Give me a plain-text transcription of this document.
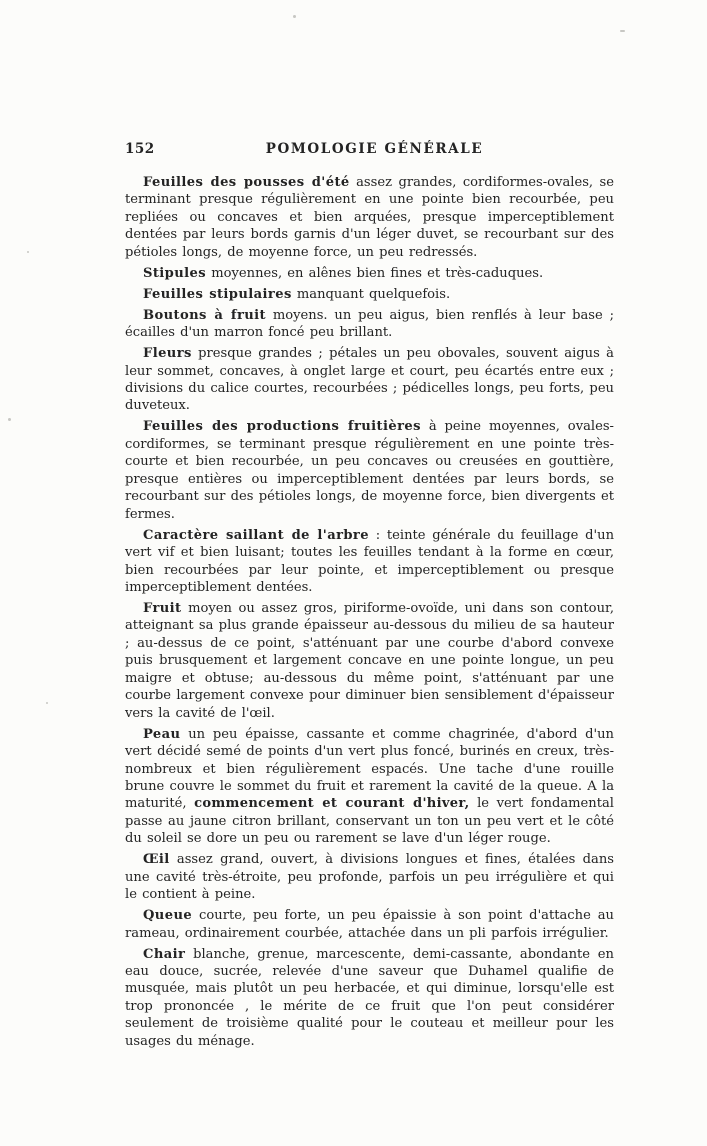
152	POMOLOGIE GÉNÉRALE

Feuilles des pousses d'été assez grandes, cordiformes-ovales, se terminant presque régulièrement en une pointe bien recourbée, peu repliées ou concaves et bien arquées, presque imperceptiblement dentées par leurs bords garnis d'un léger duvet, se recourbant sur des pétioles longs, de moyenne force, un peu redressés.

Stipules moyennes, en alênes bien fines et très-caduques.

Feuilles stipulaires manquant quelquefois.

Boutons à fruit moyens. un peu aigus, bien renflés à leur base ; écailles d'un marron foncé peu brillant.

Fleurs presque grandes ; pétales un peu obovales, souvent aigus à leur sommet, concaves, à onglet large et court, peu écartés entre eux ; divisions du calice courtes, recourbées ; pédicelles longs, peu forts, peu duveteux.

Feuilles des productions fruitières à peine moyennes, ovales-cordiformes, se terminant presque régulièrement en une pointe très-courte et bien recourbée, un peu concaves ou creusées en gouttière, presque entières ou imperceptiblement dentées par leurs bords, se recourbant sur des pétioles longs, de moyenne force, bien divergents et fermes.

Caractère saillant de l'arbre : teinte générale du feuillage d'un vert vif et bien luisant; toutes les feuilles tendant à la forme en cœur, bien recourbées par leur pointe, et imperceptiblement ou presque imperceptiblement dentées.

Fruit moyen ou assez gros, piriforme-ovoïde, uni dans son contour, atteignant sa plus grande épaisseur au-dessous du milieu de sa hauteur ; au-dessus de ce point, s'atténuant par une courbe d'abord convexe puis brusquement et largement concave en une pointe longue, un peu maigre et obtuse; au-dessous du même point, s'atténuant par une courbe largement convexe pour diminuer bien sensiblement d'épaisseur vers la cavité de l'œil.

Peau un peu épaisse, cassante et comme chagrinée, d'abord d'un vert décidé semé de points d'un vert plus foncé, burinés en creux, très-nombreux et bien régulièrement espacés. Une tache d'une rouille brune couvre le sommet du fruit et rarement la cavité de la queue. A la maturité, commencement et courant d'hiver, le vert fondamental passe au jaune citron brillant, conservant un ton un peu vert et le côté du soleil se dore un peu ou rarement se lave d'un léger rouge.

Œil assez grand, ouvert, à divisions longues et fines, étalées dans une cavité très-étroite, peu profonde, parfois un peu irrégulière et qui le contient à peine.

Queue courte, peu forte, un peu épaissie à son point d'attache au rameau, ordinairement courbée, attachée dans un pli parfois irrégulier.

Chair blanche, grenue, marcescente, demi-cassante, abondante en eau douce, sucrée, relevée d'une saveur que Duhamel qualifie de musquée, mais plutôt un peu herbacée, et qui diminue, lorsqu'elle est trop prononcée , le mérite de ce fruit que l'on peut considérer seulement de troisième qualité pour le couteau et meilleur pour les usages du ménage.
